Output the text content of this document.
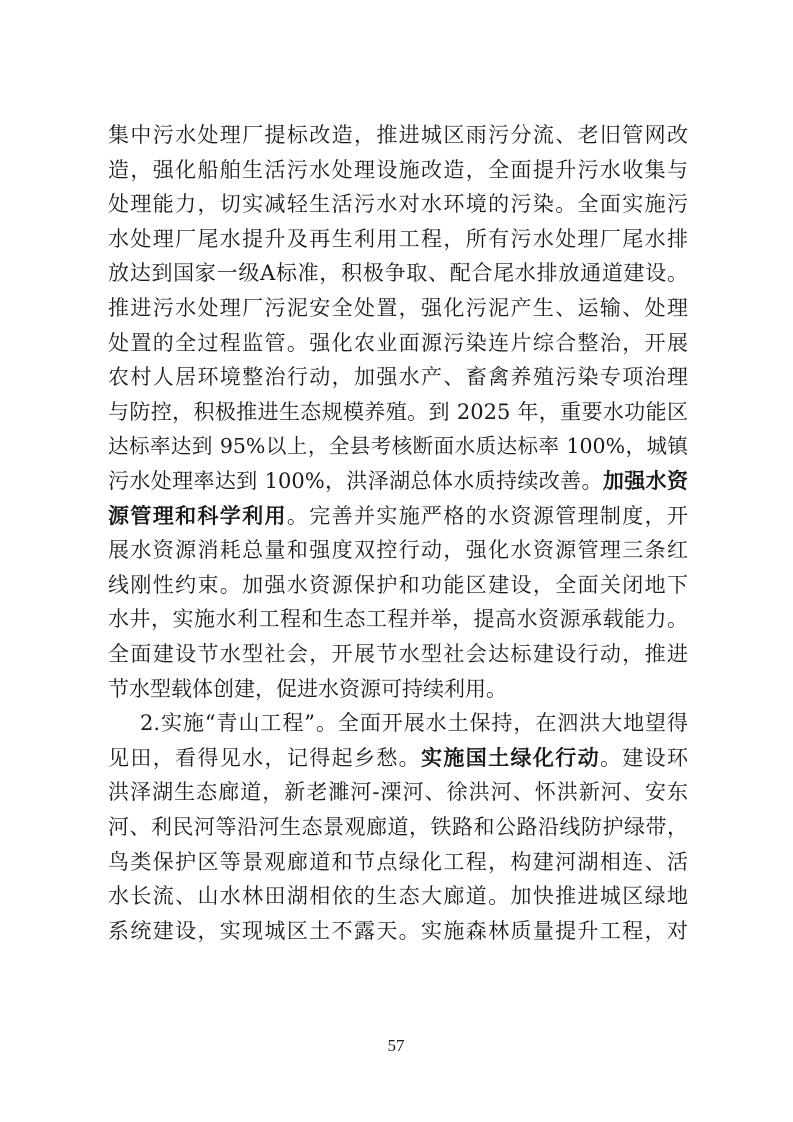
集中污水处理厂提标改造，推进城区雨污分流、老旧管网改
造，强化船舶生活污水处理设施改造，全面提升污水收集与
处理能力，切实减轻生活污水对水环境的污染。全面实施污
水处理厂尾水提升及再生利用工程，所有污水处理厂尾水排
放达到国家一级A标准，积极争取、配合尾水排放通道建设。
推进污水处理厂污泥安全处置，强化污泥产生、运输、处理
处置的全过程监管。强化农业面源污染连片综合整治，开展
农村人居环境整治行动，加强水产、畜禽养殖污染专项治理
与防控，积极推进生态规模养殖。到 2025 年，重要水功能区
达标率达到 95%以上，全县考核断面水质达标率 100%，城镇
污水处理率达到 100%，洪泽湖总体水质持续改善。加强水资
源管理和科学利用。完善并实施严格的水资源管理制度，开
展水资源消耗总量和强度双控行动，强化水资源管理三条红
线刚性约束。加强水资源保护和功能区建设，全面关闭地下
水井，实施水利工程和生态工程并举，提高水资源承载能力。
全面建设节水型社会，开展节水型社会达标建设行动，推进
节水型载体创建，促进水资源可持续利用。
2.实施“青山工程”。全面开展水土保持，在泗洪大地望得
见田，看得见水，记得起乡愁。实施国土绿化行动。建设环
洪泽湖生态廊道，新老濉河-溧河、徐洪河、怀洪新河、安东
河、利民河等沿河生态景观廊道，铁路和公路沿线防护绿带，
鸟类保护区等景观廊道和节点绿化工程，构建河湖相连、活
水长流、山水林田湖相依的生态大廊道。加快推进城区绿地
系统建设，实现城区土不露天。实施森林质量提升工程，对
57
